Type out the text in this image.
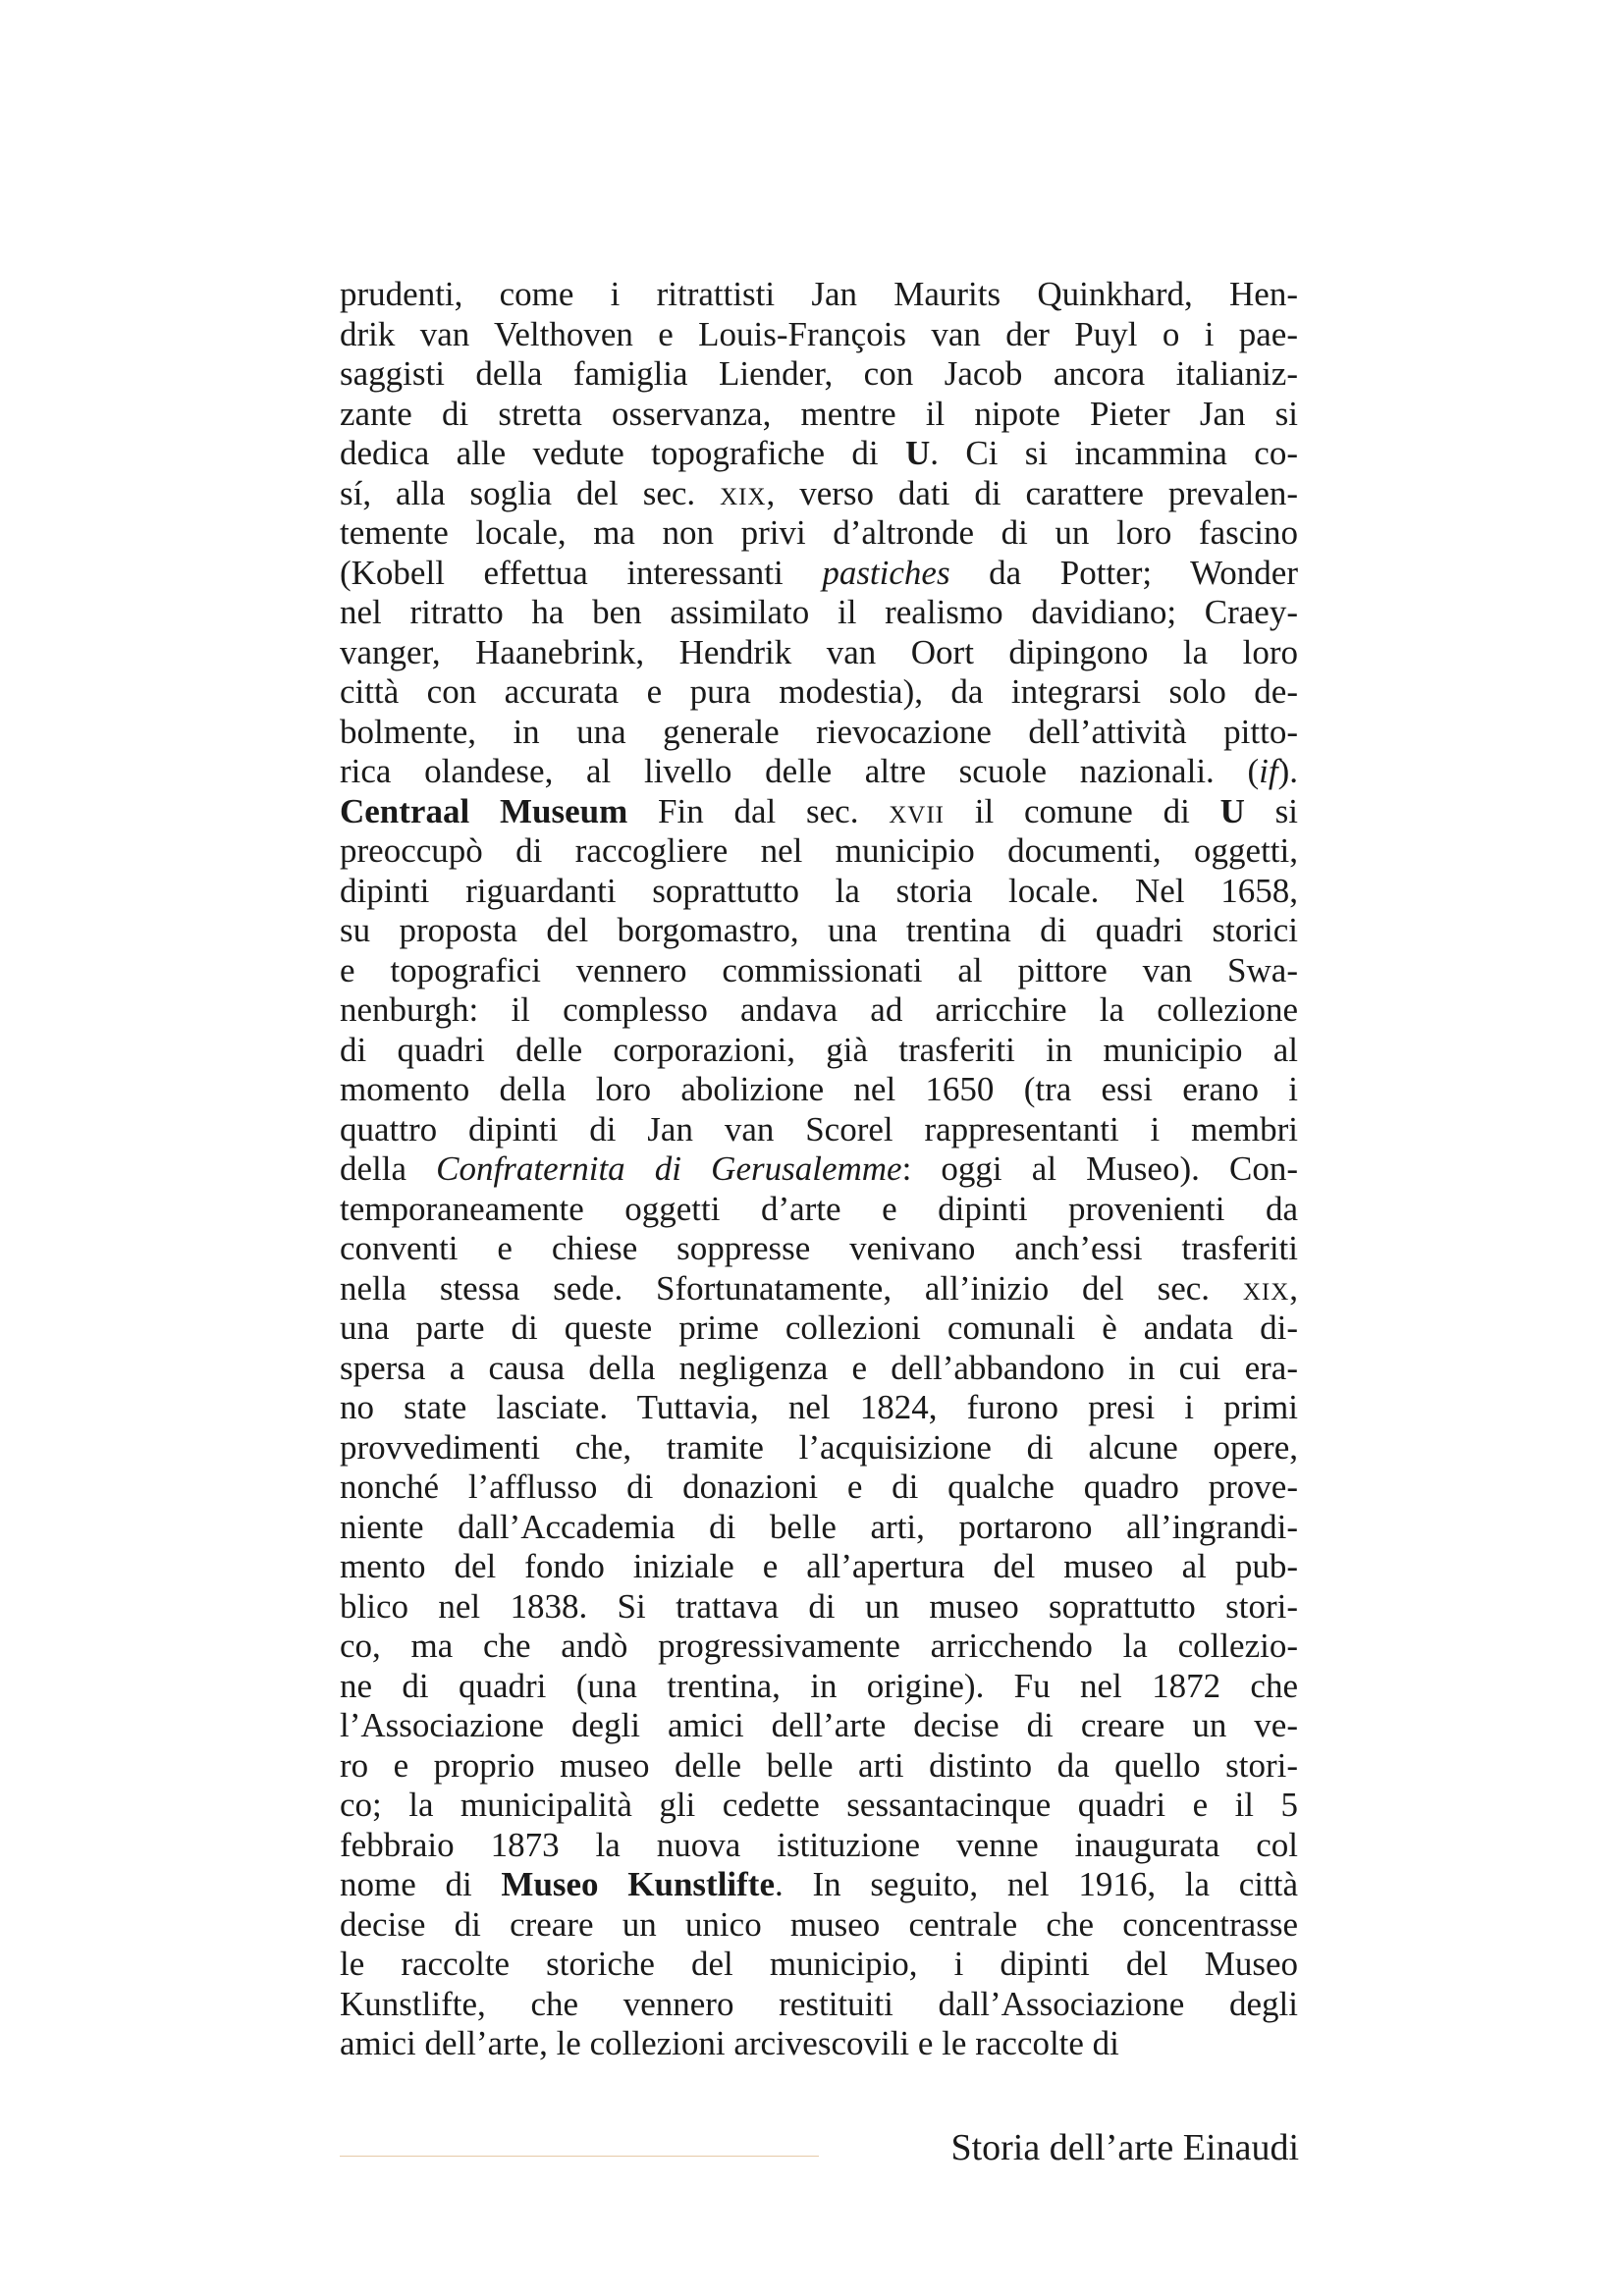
prudenti, come i ritrattisti Jan Maurits Quinkhard, Hen-
drik van Velthoven e Louis-François van der Puyl o i pae-
saggisti della famiglia Liender, con Jacob ancora italianiz-
zante di stretta osservanza, mentre il nipote Pieter Jan si
dedica alle vedute topografiche di U. Ci si incammina co-
sí, alla soglia del sec. xix, verso dati di carattere prevalen-
temente locale, ma non privi d’altronde di un loro fascino
(Kobell effettua interessanti pastiches da Potter; Wonder
nel ritratto ha ben assimilato il realismo davidiano; Craey-
vanger, Haanebrink, Hendrik van Oort dipingono la loro
città con accurata e pura modestia), da integrarsi solo de-
bolmente, in una generale rievocazione dell’attività pitto-
rica olandese, al livello delle altre scuole nazionali. (if).
Centraal Museum Fin dal sec. xvii il comune di U si
preoccupò di raccogliere nel municipio documenti, oggetti,
dipinti riguardanti soprattutto la storia locale. Nel 1658,
su proposta del borgomastro, una trentina di quadri storici
e topografici vennero commissionati al pittore van Swa-
nenburgh: il complesso andava ad arricchire la collezione
di quadri delle corporazioni, già trasferiti in municipio al
momento della loro abolizione nel 1650 (tra essi erano i
quattro dipinti di Jan van Scorel rappresentanti i membri
della Confraternita di Gerusalemme: oggi al Museo). Con-
temporaneamente oggetti d’arte e dipinti provenienti da
conventi e chiese soppresse venivano anch’essi trasferiti
nella stessa sede. Sfortunatamente, all’inizio del sec. xix,
una parte di queste prime collezioni comunali è andata di-
spersa a causa della negligenza e dell’abbandono in cui era-
no state lasciate. Tuttavia, nel 1824, furono presi i primi
provvedimenti che, tramite l’acquisizione di alcune opere,
nonché l’afflusso di donazioni e di qualche quadro prove-
niente dall’Accademia di belle arti, portarono all’ingrandi-
mento del fondo iniziale e all’apertura del museo al pub-
blico nel 1838. Si trattava di un museo soprattutto stori-
co, ma che andò progressivamente arricchendo la collezio-
ne di quadri (una trentina, in origine). Fu nel 1872 che
l’Associazione degli amici dell’arte decise di creare un ve-
ro e proprio museo delle belle arti distinto da quello stori-
co; la municipalità gli cedette sessantacinque quadri e il 5
febbraio 1873 la nuova istituzione venne inaugurata col
nome di Museo Kunstlifte. In seguito, nel 1916, la città
decise di creare un unico museo centrale che concentrasse
le raccolte storiche del municipio, i dipinti del Museo
Kunstlifte, che vennero restituiti dall’Associazione degli
amici dell’arte, le collezioni arcivescovili e le raccolte di
Storia dell’arte Einaudi
